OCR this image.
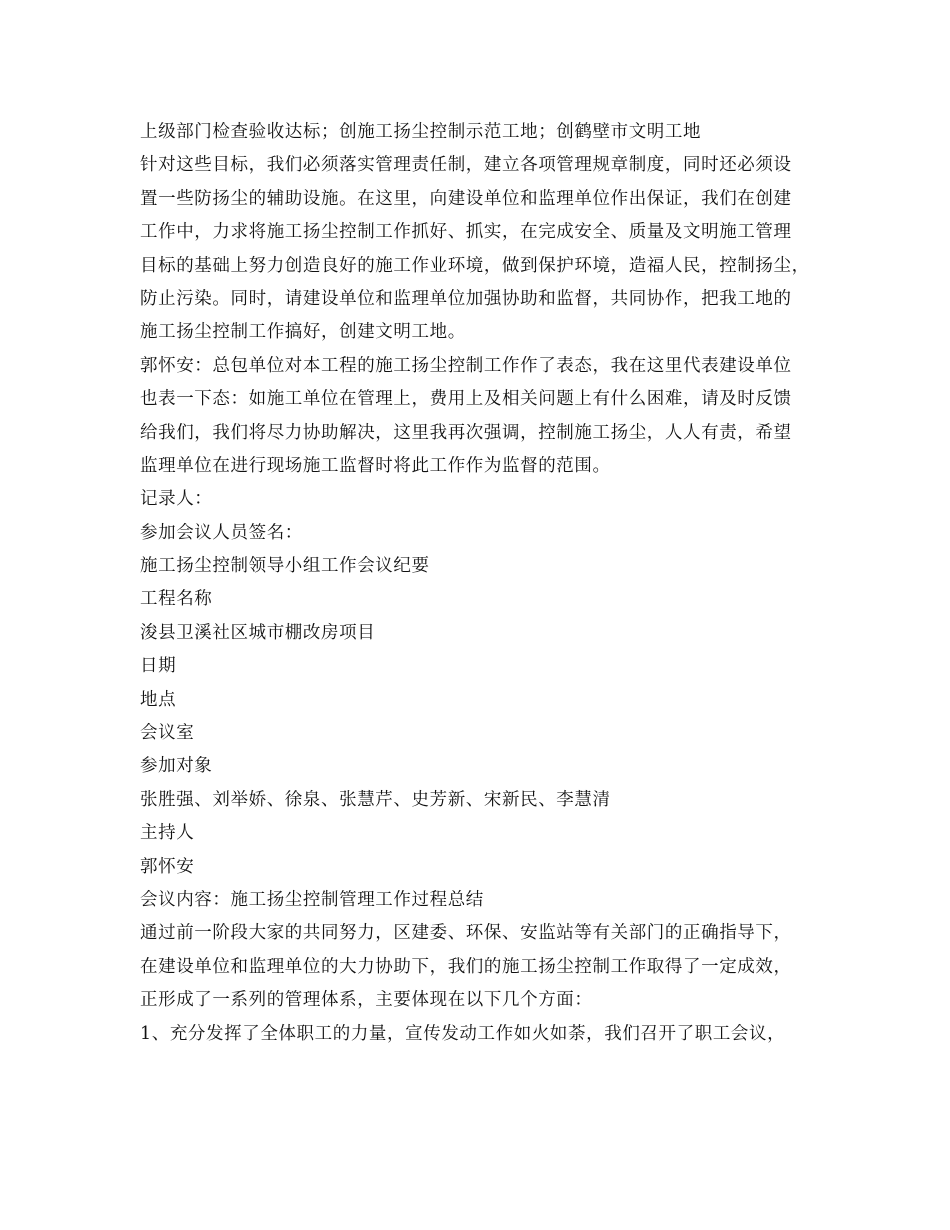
上级部门检查验收达标；创施工扬尘控制示范工地；创鹤壁市文明工地
针对这些目标，我们必须落实管理责任制，建立各项管理规章制度，同时还必须设
置一些防扬尘的辅助设施。在这里，向建设单位和监理单位作出保证，我们在创建
工作中，力求将施工扬尘控制工作抓好、抓实，在完成安全、质量及文明施工管理
目标的基础上努力创造良好的施工作业环境，做到保护环境，造福人民，控制扬尘，
防止污染。同时，请建设单位和监理单位加强协助和监督，共同协作，把我工地的
施工扬尘控制工作搞好，创建文明工地。
郭怀安：总包单位对本工程的施工扬尘控制工作作了表态，我在这里代表建设单位
也表一下态：如施工单位在管理上，费用上及相关问题上有什么困难，请及时反馈
给我们，我们将尽力协助解决，这里我再次强调，控制施工扬尘，人人有责，希望
监理单位在进行现场施工监督时将此工作作为监督的范围。
记录人：
参加会议人员签名：
施工扬尘控制领导小组工作会议纪要
工程名称
浚县卫溪社区城市棚改房项目
日期
地点
会议室
参加对象
张胜强、刘举娇、徐泉、张慧芹、史芳新、宋新民、李慧清
主持人
郭怀安
会议内容：施工扬尘控制管理工作过程总结
通过前一阶段大家的共同努力，区建委、环保、安监站等有关部门的正确指导下，
在建设单位和监理单位的大力协助下，我们的施工扬尘控制工作取得了一定成效，
正形成了一系列的管理体系，主要体现在以下几个方面：
1、充分发挥了全体职工的力量，宣传发动工作如火如荼，我们召开了职工会议，
